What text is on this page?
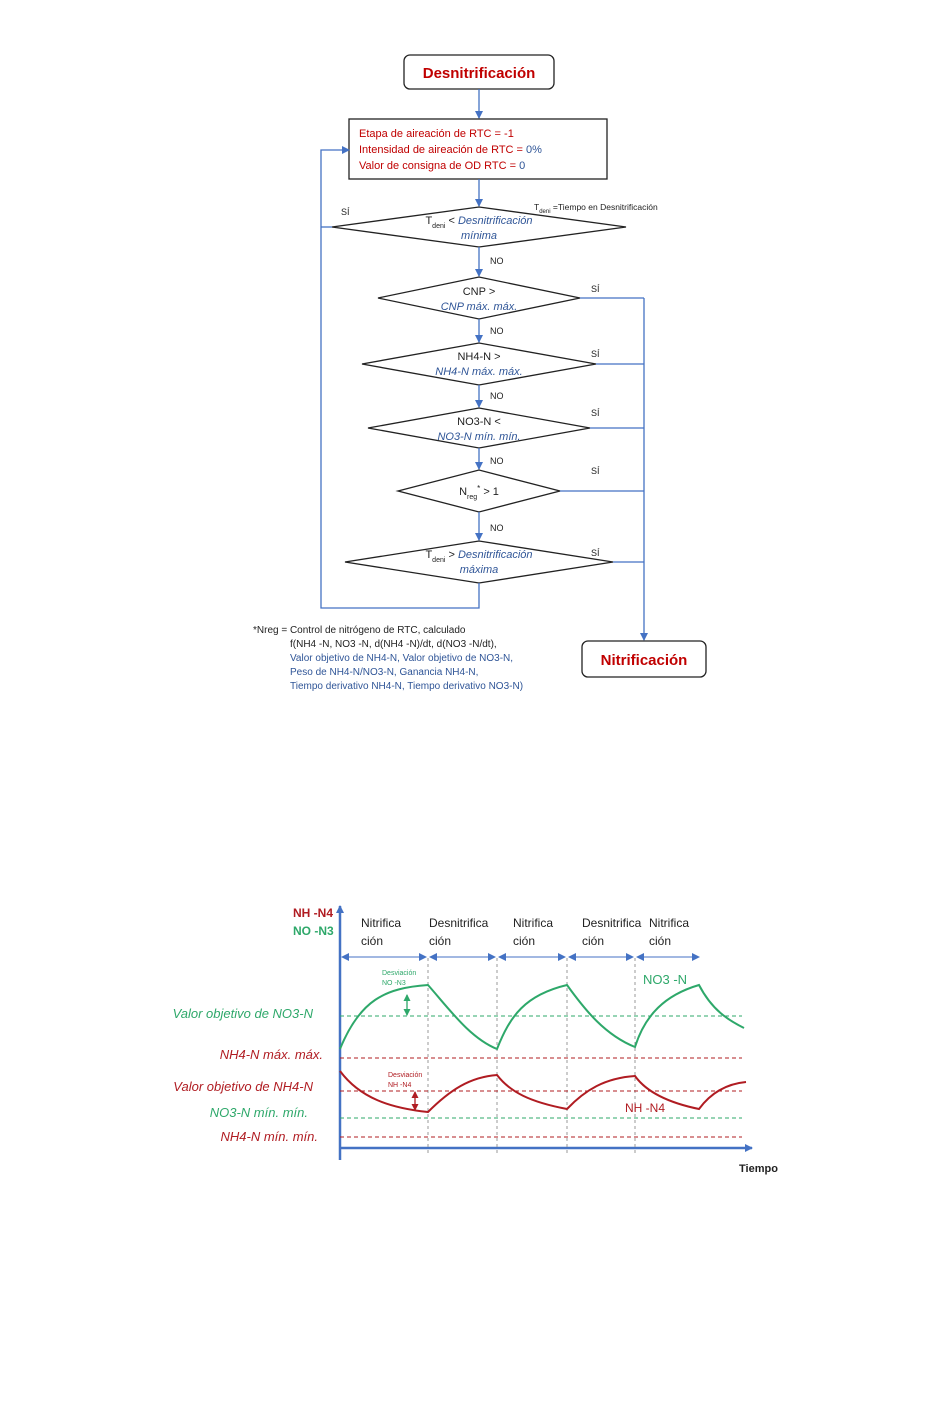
Desnitrificación
Etapa de aireación de RTC = -1
Intensidad de aireación de RTC = 0%
Valor de consigna de OD RTC = 0
$T_{deni}$ =Tiempo en Desnitrificación
$T_{deni}$ < Desnitrificación
mínima
SÍ
NO
CNP >
CNP máx. máx.
SÍ
NO
NH4-N >
NH4-N máx. máx.
SÍ
NO
NO3-N <
NO3-N mín. mín.
SÍ
NO
$N_{reg}^* > 1$
SÍ
NO
$T_{deni}$ > Desnitrificación
máxima
SÍ
Nitrificación
*Nreg = Control de nitrógeno de RTC, calculado
f(NH4 -N, NO3 -N, d(NH4 -N)/dt, d(NO3 -N/dt),
Valor objetivo de NH4-N, Valor objetivo de NO3-N,
Peso de NH4-N/NO3-N, Ganancia NH4-N,
Tiempo derivativo NH4-N, Tiempo derivativo NO3-N)
NH -N4
NO -N3
Tiempo
Nitrifica ción
Desnitrifica ción
Nitrifica ción
Desnitrifica ción
Nitrifica ción
Valor objetivo de NO3-N
NH4-N máx. máx.
Valor objetivo de NH4-N
NO3-N mín. mín.
NH4-N mín. mín.
Desviación NO -N3
Desviación NH -N4
NO3 -N
NH -N4
